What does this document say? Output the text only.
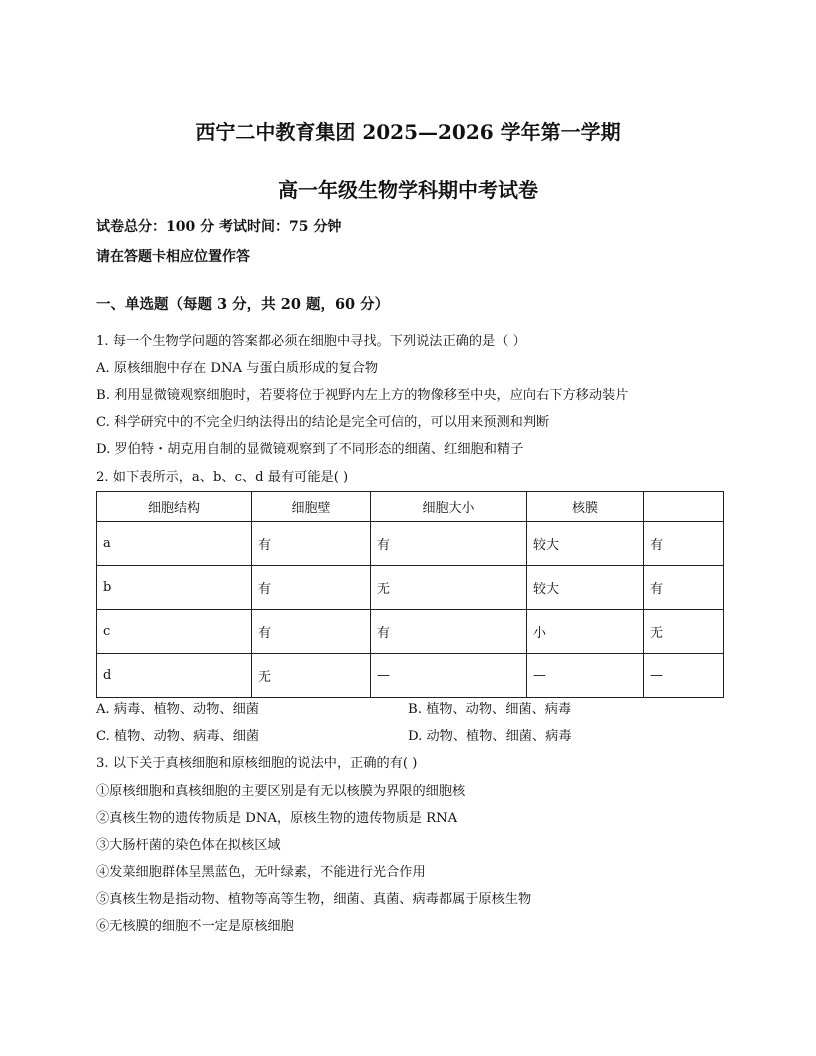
西宁二中教育集团 2025—2026 学年第一学期
高一年级生物学科期中考试卷
试卷总分：100 分 考试时间：75 分钟
请在答题卡相应位置作答
一、单选题（每题 3 分，共 20 题，60 分）
1. 每一个生物学问题的答案都必须在细胞中寻找。下列说法正确的是（ ）
A. 原核细胞中存在 DNA 与蛋白质形成的复合物
B. 利用显微镜观察细胞时，若要将位于视野内左上方的物像移至中央，应向右下方移动装片
C. 科学研究中的不完全归纳法得出的结论是完全可信的，可以用来预测和判断
D. 罗伯特・胡克用自制的显微镜观察到了不同形态的细菌、红细胞和精子
2. 如下表所示，a、b、c、d 最有可能是( )
细胞结构	细胞壁	细胞大小	核膜	
a	有	有	较大	有
b	有	无	较大	有
c	有	有	小	无
d	无	—	—	—
A. 病毒、植物、动物、细菌	B. 植物、动物、细菌、病毒
C. 植物、动物、病毒、细菌	D. 动物、植物、细菌、病毒
3. 以下关于真核细胞和原核细胞的说法中，正确的有( )
①原核细胞和真核细胞的主要区别是有无以核膜为界限的细胞核
②真核生物的遗传物质是 DNA，原核生物的遗传物质是 RNA
③大肠杆菌的染色体在拟核区域
④发菜细胞群体呈黑蓝色，无叶绿素，不能进行光合作用
⑤真核生物是指动物、植物等高等生物，细菌、真菌、病毒都属于原核生物
⑥无核膜的细胞不一定是原核细胞
